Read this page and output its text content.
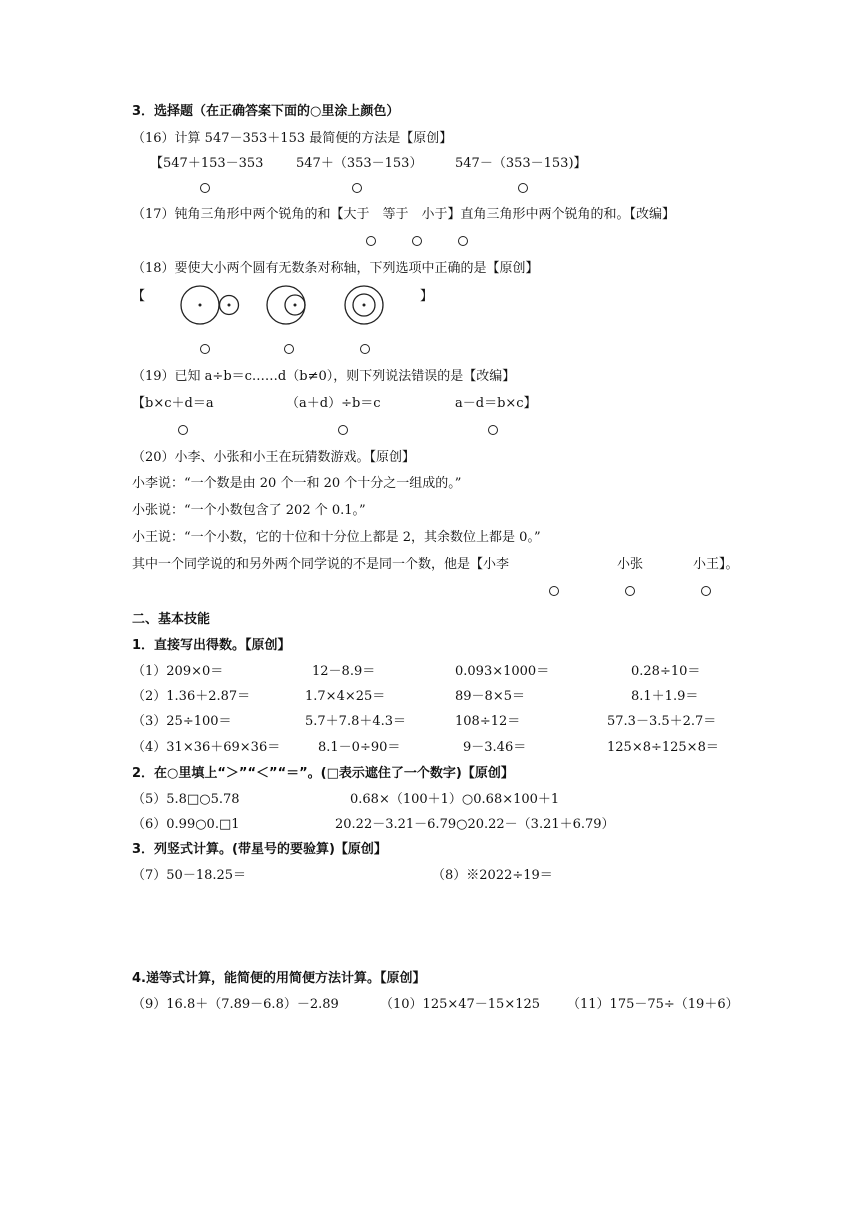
3．选择题（在正确答案下面的○里涂上颜色）
（16）计算 547－353＋153 最简便的方法是【原创】
【547＋153－353	547＋（353－153）	547－（353－153)】
（17）钝角三角形中两个锐角的和【大于　等于　小于】直角三角形中两个锐角的和。【改编】
（18）要使大小两个圆有无数条对称轴，下列选项中正确的是【原创】
【	】
（19）已知 a÷b＝c……d（b≠0），则下列说法错误的是【改编】
【b×c＋d＝a	（a＋d）÷b＝c	a－d＝b×c】
（20）小李、小张和小王在玩猜数游戏。【原创】
小李说：“一个数是由 20 个一和 20 个十分之一组成的。”
小张说：“一个小数包含了 202 个 0.1。”
小王说：“一个小数，它的十位和十分位上都是 2，其余数位上都是 0。”
其中一个同学说的和另外两个同学说的不是同一个数，他是【小李	小张	小王】。
二、基本技能
1．直接写出得数。【原创】
（1）209×0＝	12－8.9＝	0.093×1000＝	0.28÷10＝
（2）1.36＋2.87＝	1.7×4×25＝	89－8×5＝	8.1＋1.9＝
（3）25÷100＝	5.7＋7.8＋4.3＝	108÷12＝	57.3－3.5＋2.7＝
（4）31×36＋69×36＝	8.1－0÷90＝	9－3.46＝	125×8÷125×8＝
2．在○里填上“＞”“＜”“＝”。(□表示遮住了一个数字)【原创】
（5）5.8□○5.78	0.68×（100＋1）○0.68×100＋1
（6）0.99○0.□1	20.22－3.21－6.79○20.22－（3.21＋6.79）
3．列竖式计算。(带星号的要验算)【原创】
（7）50－18.25＝	（8）※2022÷19＝
4.递等式计算，能简便的用简便方法计算。【原创】
（9）16.8＋（7.89－6.8）－2.89	（10）125×47－15×125 （11）175－75÷（19＋6）
